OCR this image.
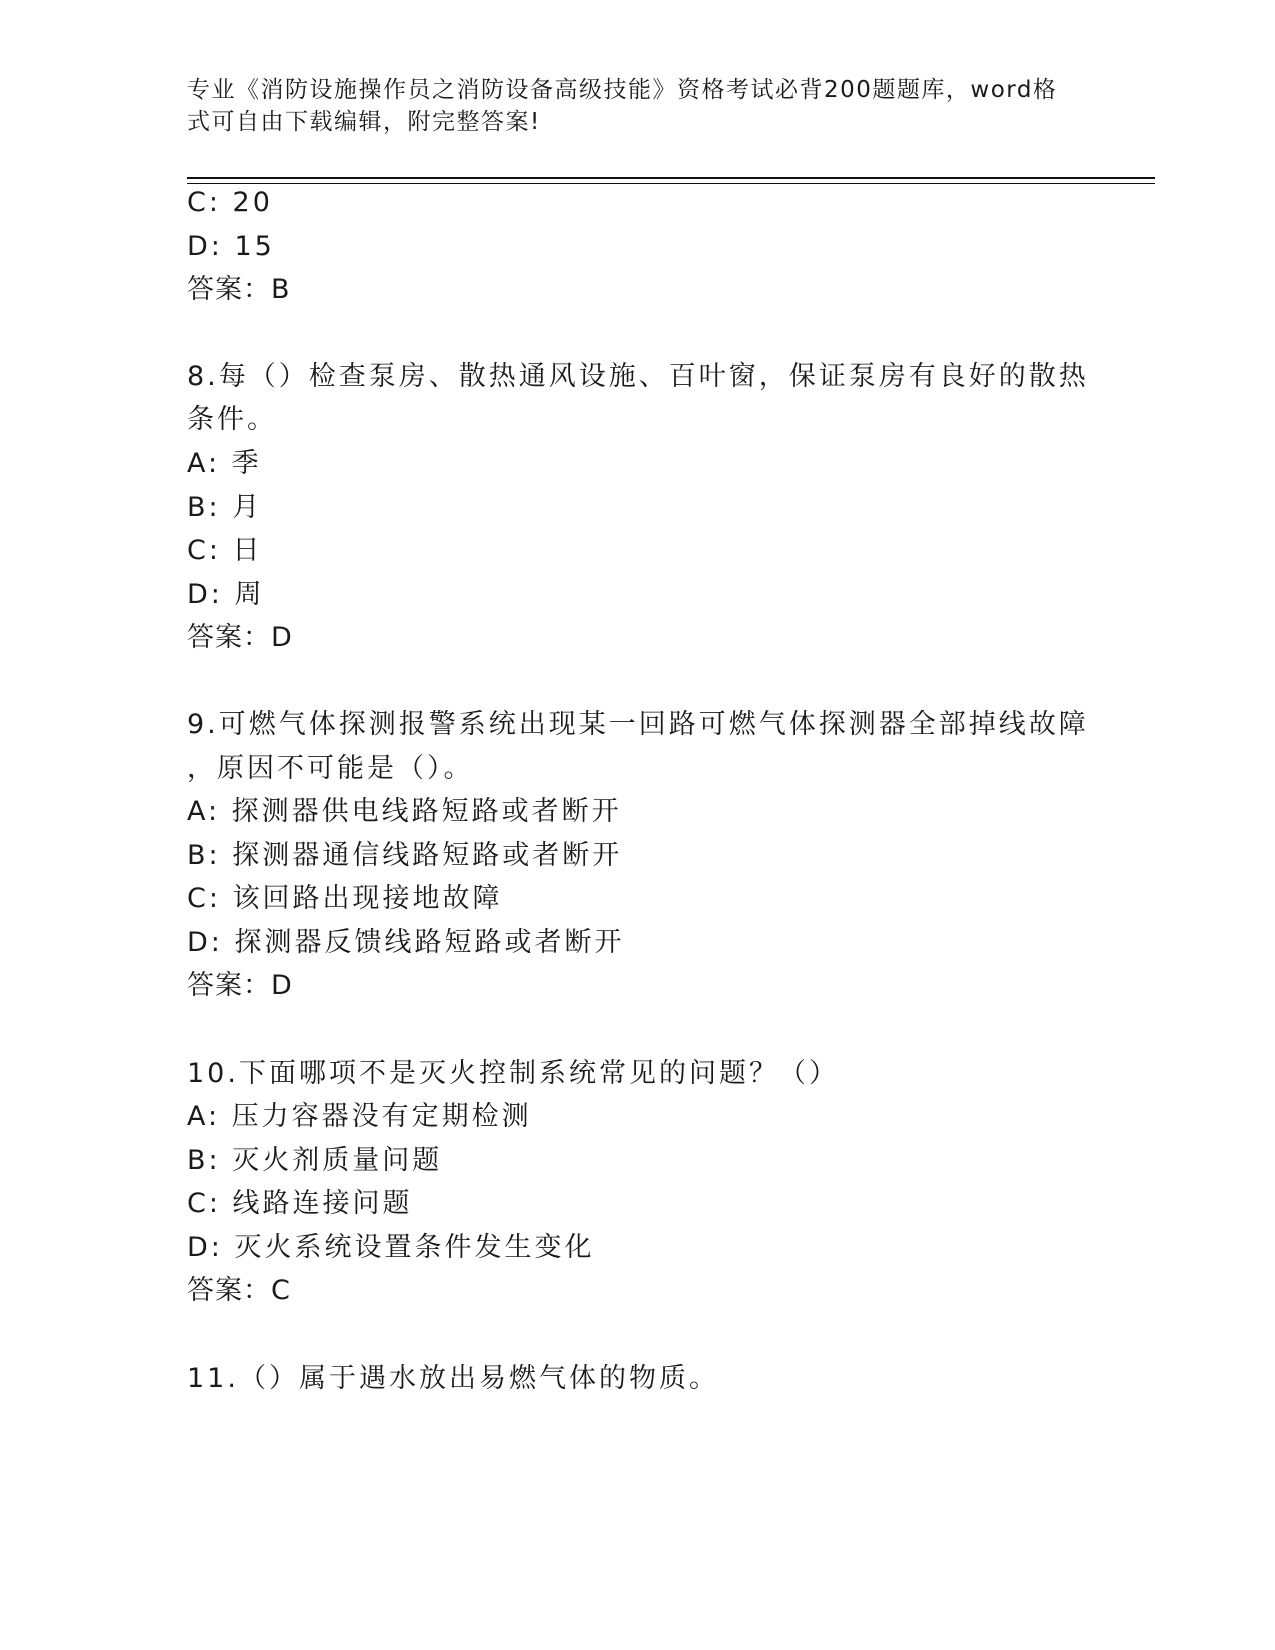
专业《消防设施操作员之消防设备高级技能》资格考试必背200题题库，word格
式可自由下载编辑，附完整答案!
C: 20
D: 15
答案：B
8.每（）检查泵房、散热通风设施、百叶窗，保证泵房有良好的散热
条件。
A: 季
B: 月
C: 日
D: 周
答案：D
9.可燃气体探测报警系统出现某一回路可燃气体探测器全部掉线故障
，原因不可能是（）。
A: 探测器供电线路短路或者断开
B: 探测器通信线路短路或者断开
C: 该回路出现接地故障
D: 探测器反馈线路短路或者断开
答案：D
10.下面哪项不是灭火控制系统常见的问题？（）
A: 压力容器没有定期检测
B: 灭火剂质量问题
C: 线路连接问题
D: 灭火系统设置条件发生变化
答案：C
11.（）属于遇水放出易燃气体的物质。
